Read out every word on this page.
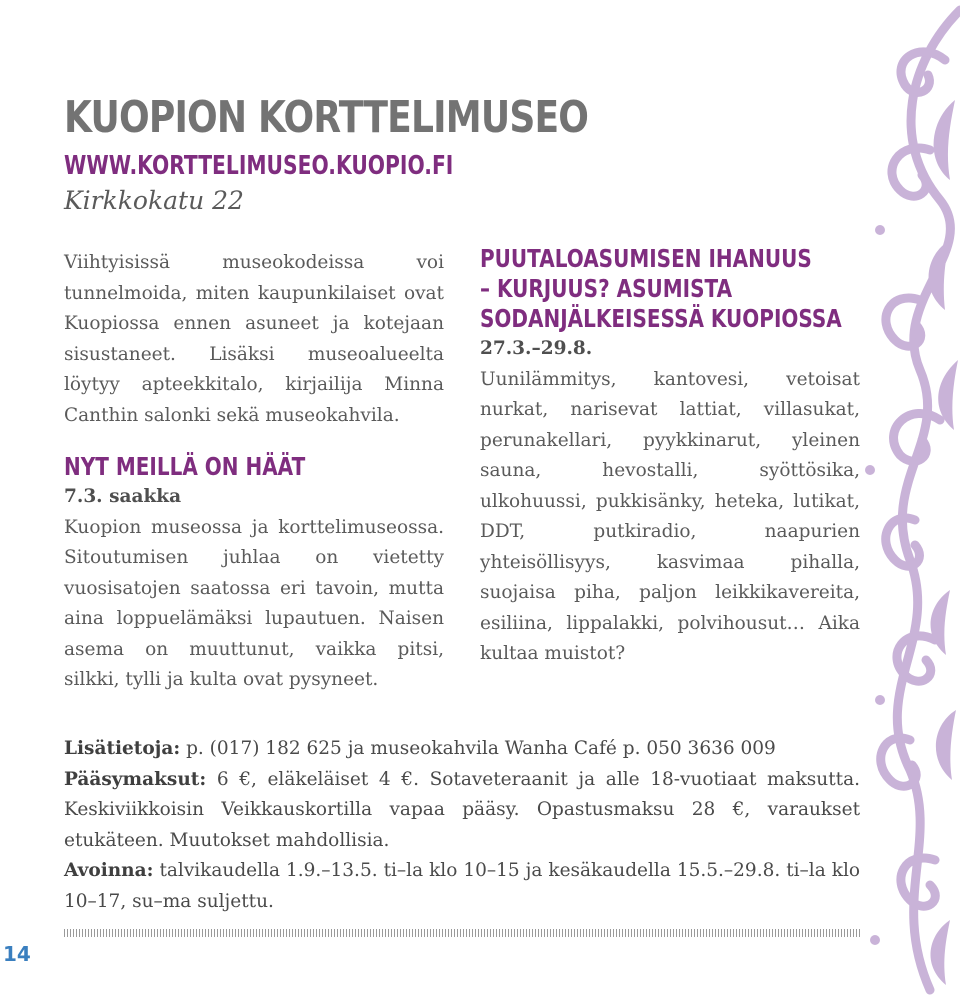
KUOPION KORTTELIMUSEO
WWW.KORTTELIMUSEO.KUOPIO.FI
Kirkkokatu 22

Viihtyisissä museokodeissa voi tunnelmoida, miten kaupunkilaiset ovat Kuopiossa ennen asuneet ja kotejaan sisustaneet. Lisäksi museoalueelta löytyy apteekkitalo, kirjailija Minna Canthin salonki sekä museokahvila.

NYT MEILLÄ ON HÄÄT
7.3. saakka

Kuopion museossa ja korttelimuseossa. Sitoutumisen juhlaa on vietetty vuosisatojen saatossa eri tavoin, mutta aina loppuelämäksi lupautuen. Naisen asema on muuttunut, vaikka pitsi, silkki, tylli ja kulta ovat pysyneet.

PUUTALOASUMISEN IHANUUS
– KURJUUS? ASUMISTA
SODANJÄLKEISESSÄ KUOPIOSSA
27.3.–29.8.

Uunilämmitys, kantovesi, vetoisat nurkat, narisevat lattiat, villasukat, perunakellari, pyykkinarut, yleinen sauna, hevostalli, syöttösika, ulkohuussi, pukkisänky, heteka, lutikat, DDT, putkiradio, naapurien yhteisöllisyys, kasvimaa pihalla, suojaisa piha, paljon leikkikavereita, esiliina, lippalakki, polvihousut… Aika kultaa muistot?

Lisätietoja: p. (017) 182 625 ja museokahvila Wanha Café p. 050 3636 009

Pääsymaksut: 6 €, eläkeläiset 4 €. Sotaveteraanit ja alle 18-vuotiaat maksutta. Keskiviikkoisin Veikkauskortilla vapaa pääsy. Opastusmaksu 28 €, varaukset etukäteen. Muutokset mahdollisia.

Avoinna: talvikaudella 1.9.–13.5. ti–la klo 10–15 ja kesäkaudella 15.5.–29.8. ti–la klo 10–17, su–ma suljettu.

14
